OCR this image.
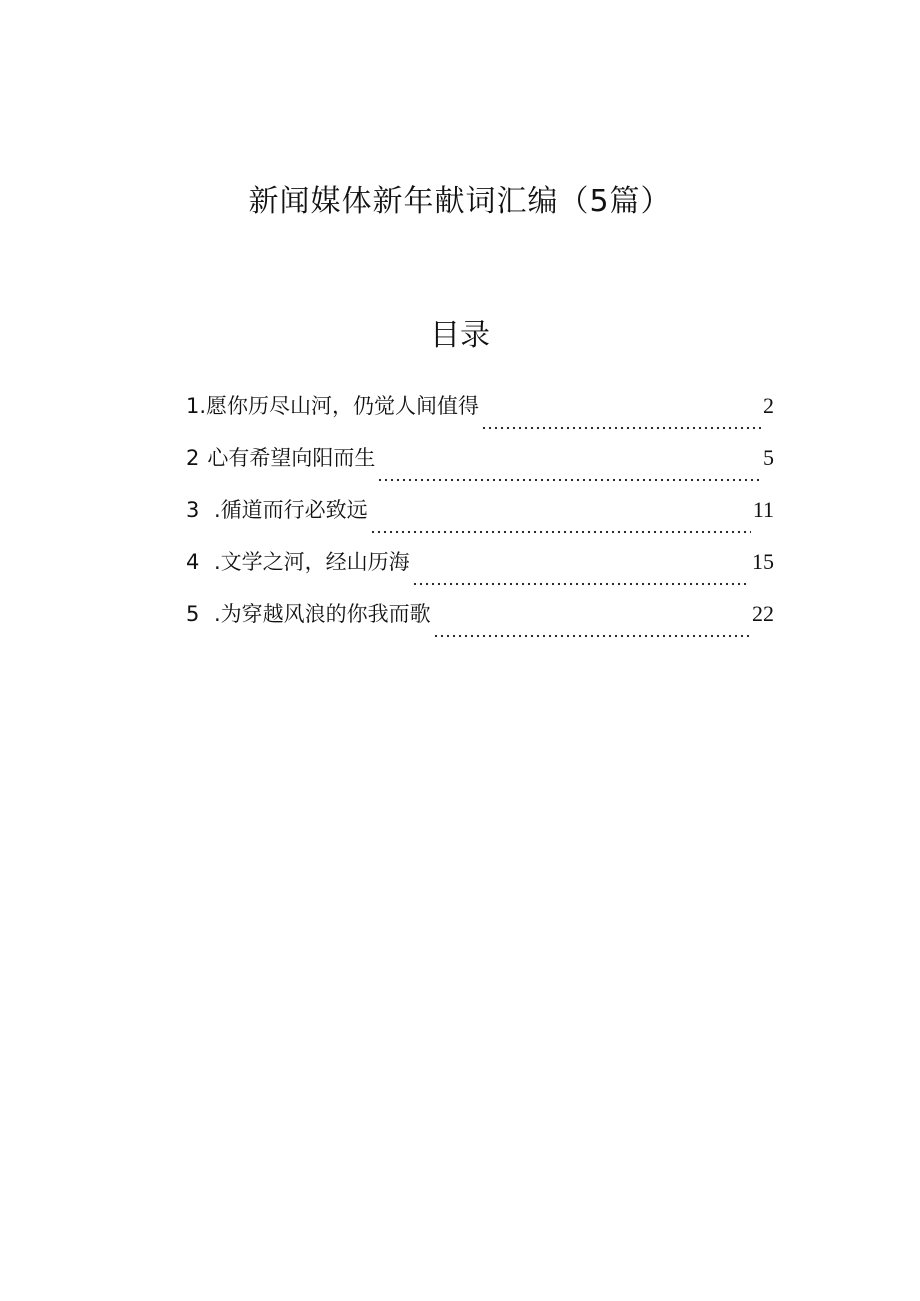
新闻媒体新年献词汇编（5篇）
目录
1. 愿你历尽山河，仍觉人间值得	2
2 心有希望向阳而生	5
3 .循道而行必致远	11
4 .文学之河，经山历海	15
5 .为穿越风浪的你我而歌	22
